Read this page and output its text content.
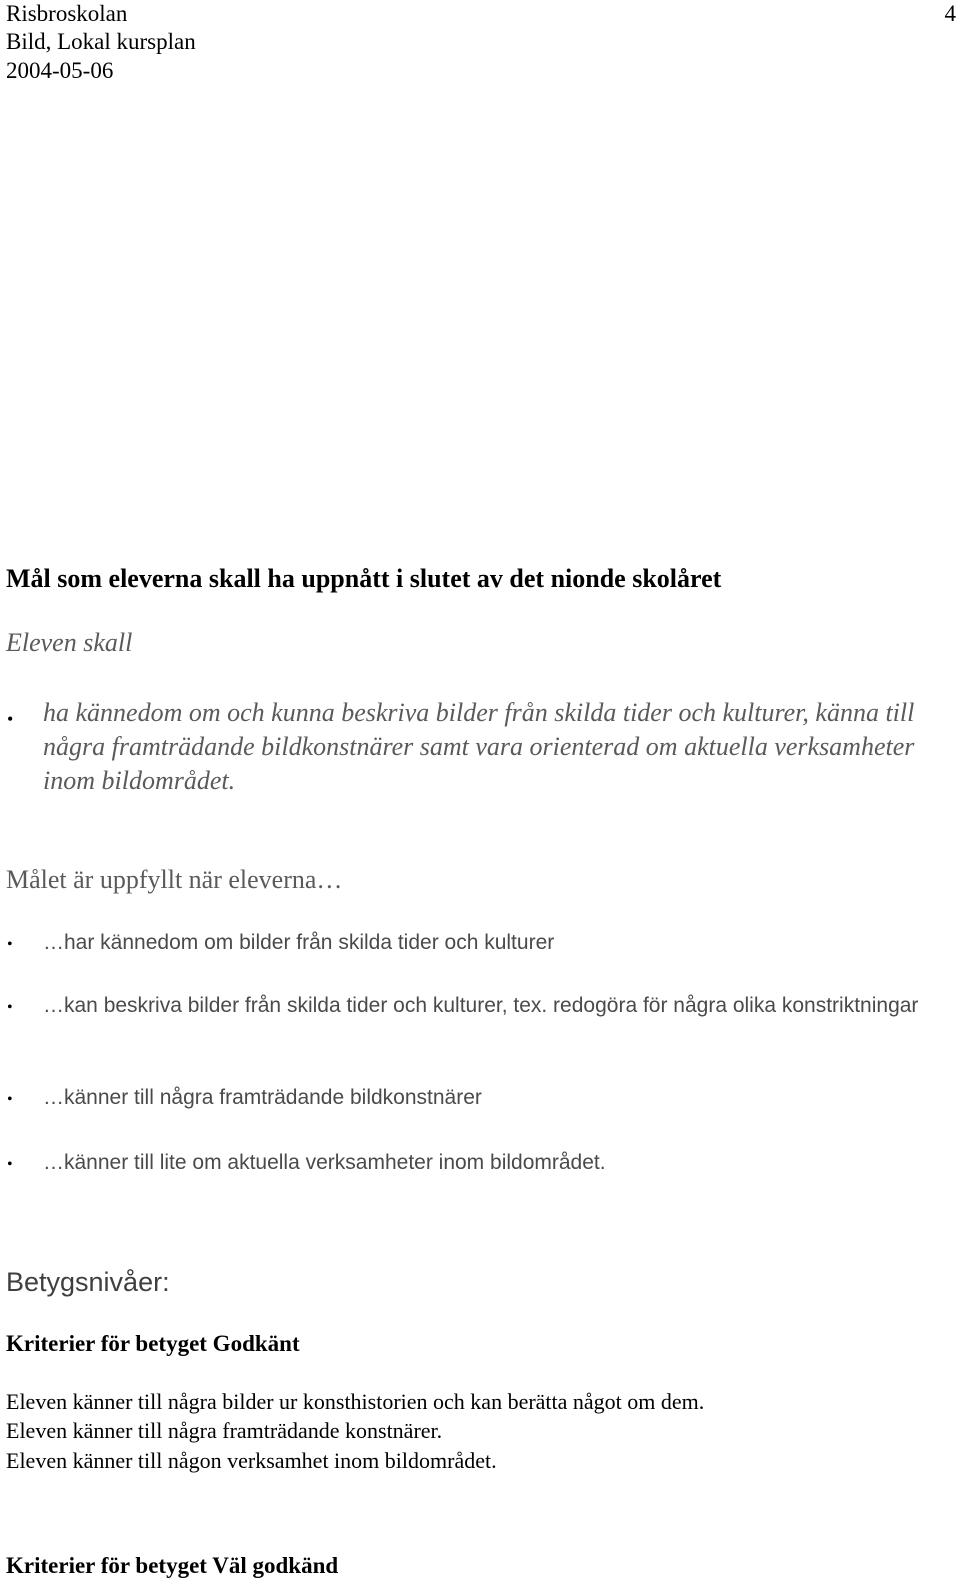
Risbroskolan
Bild, Lokal kursplan
2004-05-06
4
Mål som eleverna skall ha uppnått i slutet av det nionde skolåret
Eleven skall
• ha kännedom om och kunna beskriva bilder från skilda tider och kulturer, känna till några framträdande bildkonstnärer samt vara orienterad om aktuella verksamheter inom bildområdet.
Målet är uppfyllt när eleverna…
• …har kännedom om bilder från skilda tider och kulturer
• …kan beskriva bilder från skilda tider och kulturer, tex. redogöra för några olika konstriktningar
• …känner till några framträdande bildkonstnärer
• …känner till lite om aktuella verksamheter inom bildområdet.
Betygsnivåer:
Kriterier för betyget Godkänt
Eleven känner till några bilder ur konsthistorien och kan berätta något om dem.
Eleven känner till några framträdande konstnärer.
Eleven känner till någon verksamhet inom bildområdet.
Kriterier för betyget Väl godkänd
